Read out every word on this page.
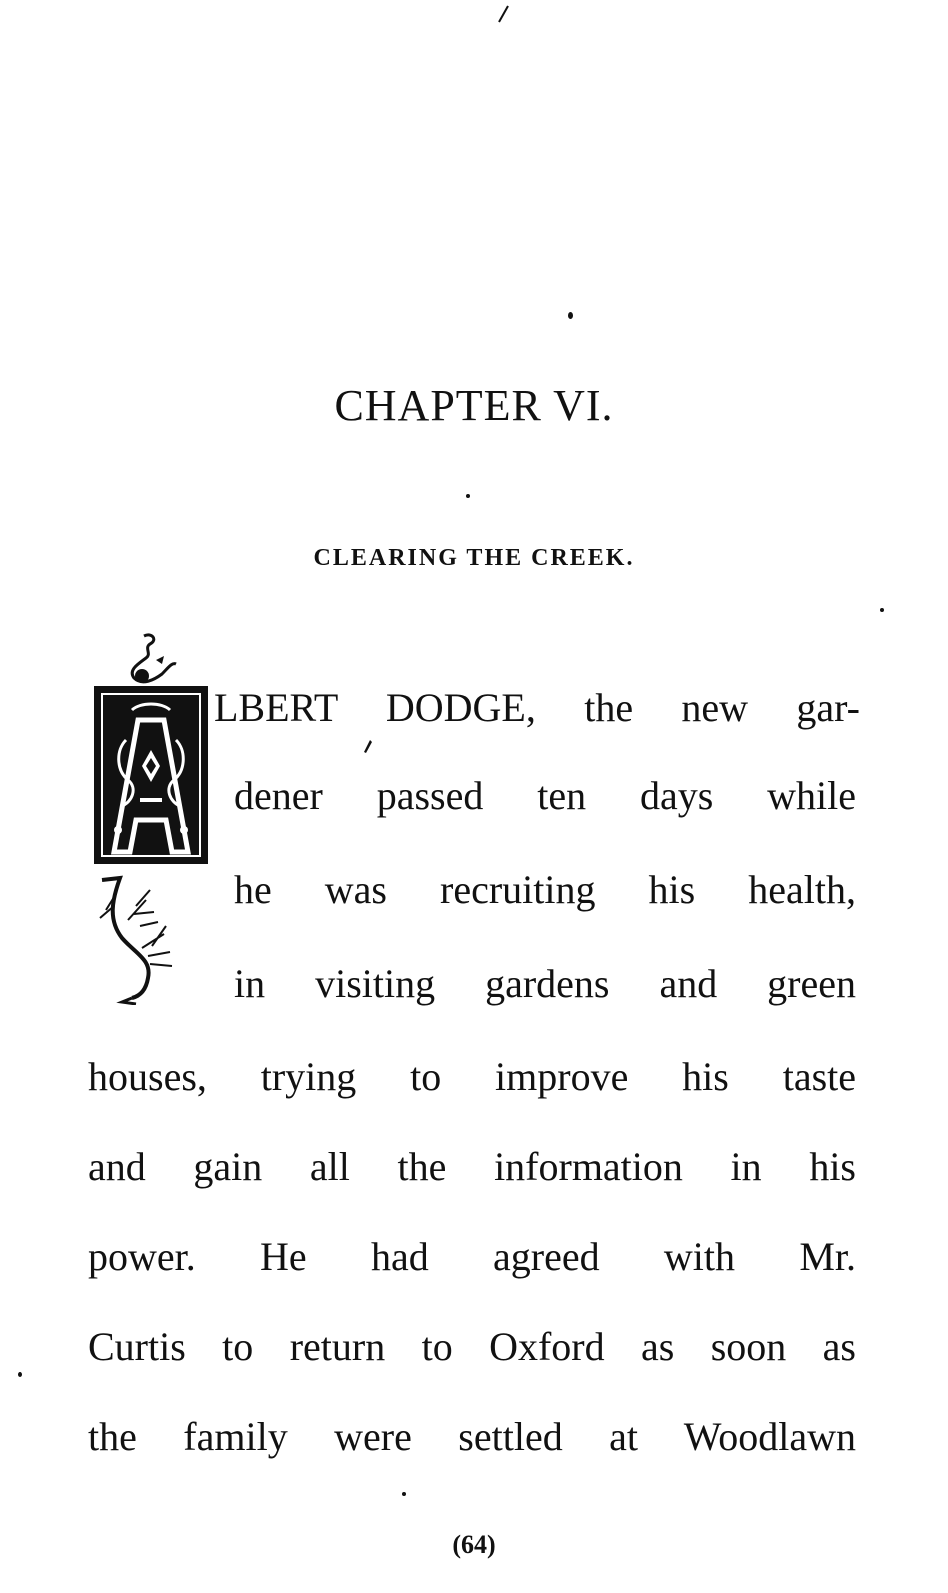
CHAPTER VI.
CLEARING THE CREEK.
LBERT DODGE, the new gar-
dener passed ten days while
he was recruiting his health,
in visiting gardens and green
houses, trying to improve his taste
and gain all the information in his
power. He had agreed with Mr.
Curtis to return to Oxford as soon as
the family were settled at Woodlawn
(64)
